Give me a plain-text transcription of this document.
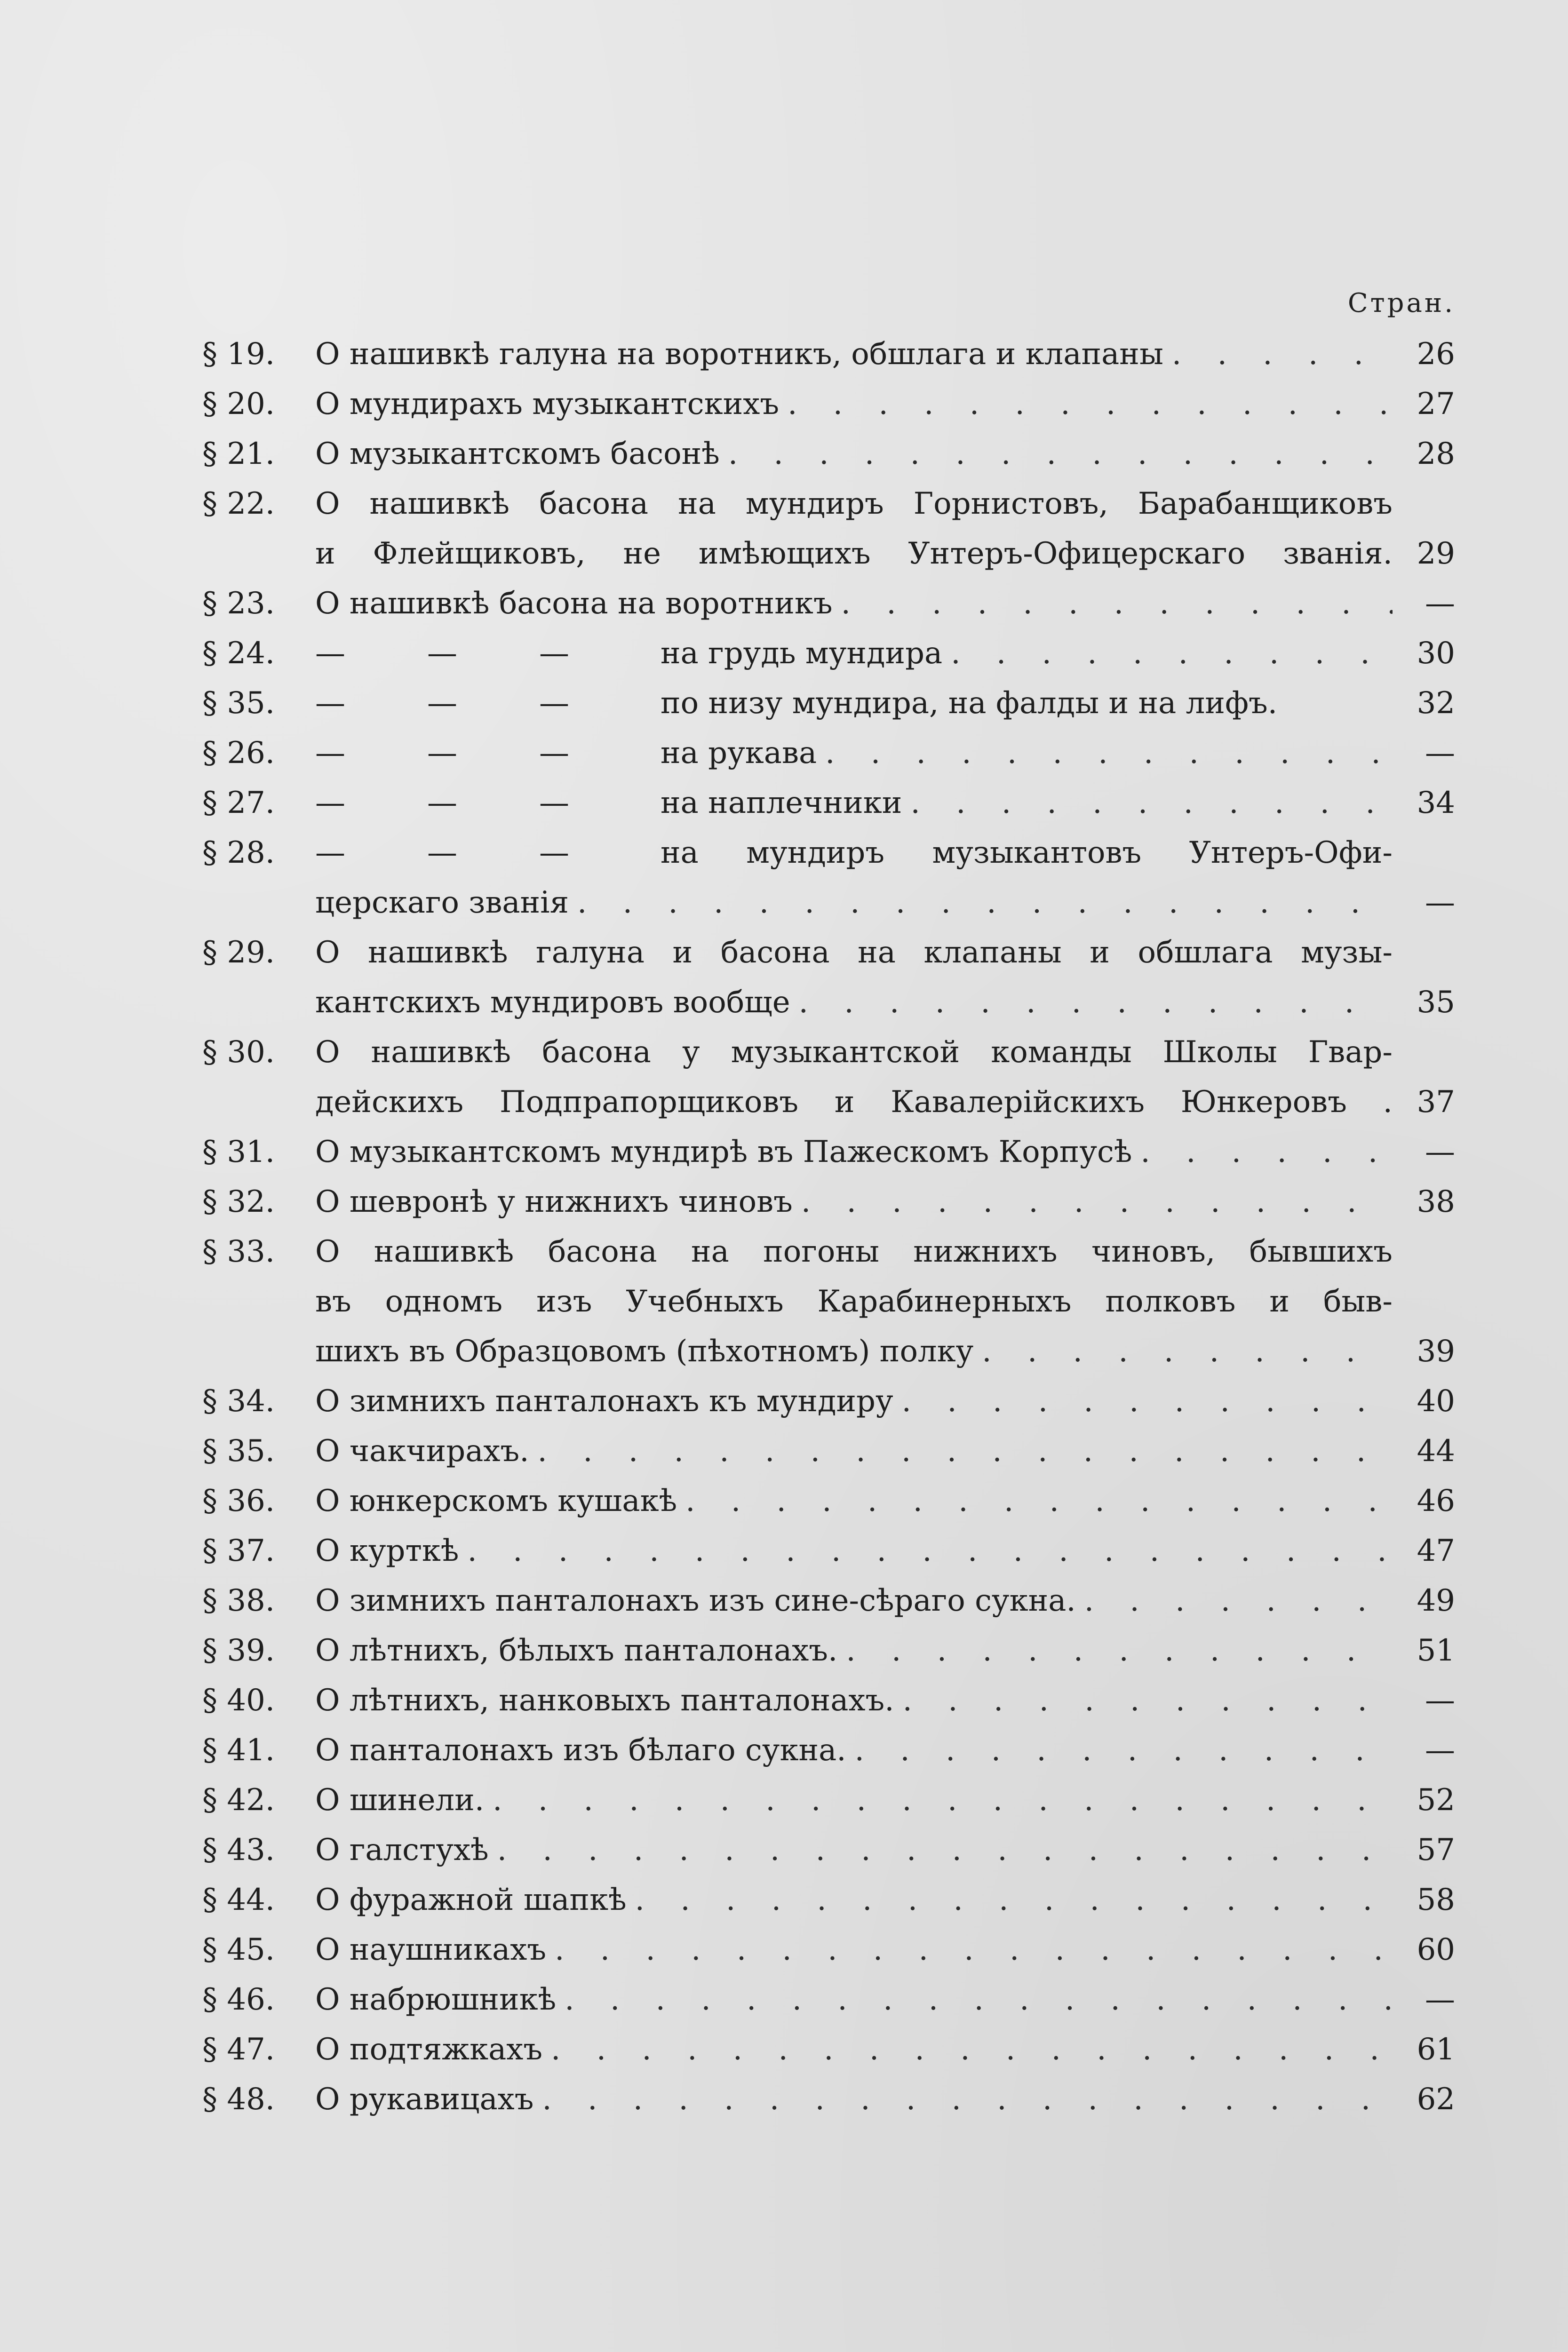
Стран.
§ 19. О нашивкѣ галуна на воротникъ, обшлага и клапаны . . .	26
§ 20. О мундирахъ музыкантскихъ . . .	27
§ 21. О музыкантскомъ басонѣ . . .	28
§ 22. О нашивкѣ басона на мундиръ Горнистовъ, Барабанщиковъ
и Флейщиковъ, не имѣющихъ Унтеръ-Офицерскаго званія. 29
§ 23. О нашивкѣ басона на воротникъ . . .	—
§ 24. —	—	—	на грудь мундира . . .	30
§ 35. —	—	—	по низу мундира, на фалды и на лифъ.	32
§ 26. —	—	—	на рукава . . .	—
§ 27. —	—	—	на наплечники . . .	34
§ 28. —	—	—	на мундиръ музыкантовъ Унтеръ-Офи-
церскаго званія . . .	—
§ 29. О нашивкѣ галуна и басона на клапаны и обшлага музы-
кантскихъ мундировъ вообще . . .	35
§ 30. О нашивкѣ басона у музыкантской команды Школы Гвар-
дейскихъ Подпрапорщиковъ и Кавалерійскихъ Юнкеровъ . 37
§ 31. О музыкантскомъ мундирѣ въ Пажескомъ Корпусѣ . . .	—
§ 32. О шевронѣ у нижнихъ чиновъ . . .	38
§ 33. О нашивкѣ басона на погоны нижнихъ чиновъ, бывшихъ
въ одномъ изъ Учебныхъ Карабинерныхъ полковъ и быв-
шихъ въ Образцовомъ (пѣхотномъ) полку . . .	39
§ 34. О зимнихъ панталонахъ къ мундиру . . .	40
§ 35. О чакчирахъ. . . .	44
§ 36. О юнкерскомъ кушакѣ . . .	46
§ 37. О курткѣ . . .	47
§ 38. О зимнихъ панталонахъ изъ сине-сѣраго сукна. . . .	49
§ 39. О лѣтнихъ, бѣлыхъ панталонахъ. . . .	51
§ 40. О лѣтнихъ, нанковыхъ панталонахъ. . . .	—
§ 41. О панталонахъ изъ бѣлаго сукна. . . .	—
§ 42. О шинели. . . .	52
§ 43. О галстухѣ . . .	57
§ 44. О фуражной шапкѣ . . .	58
§ 45. О наушникахъ . . .	60
§ 46. О набрюшникѣ . . .	—
§ 47. О подтяжкахъ . . .	61
§ 48. О рукавицахъ . . .	62
